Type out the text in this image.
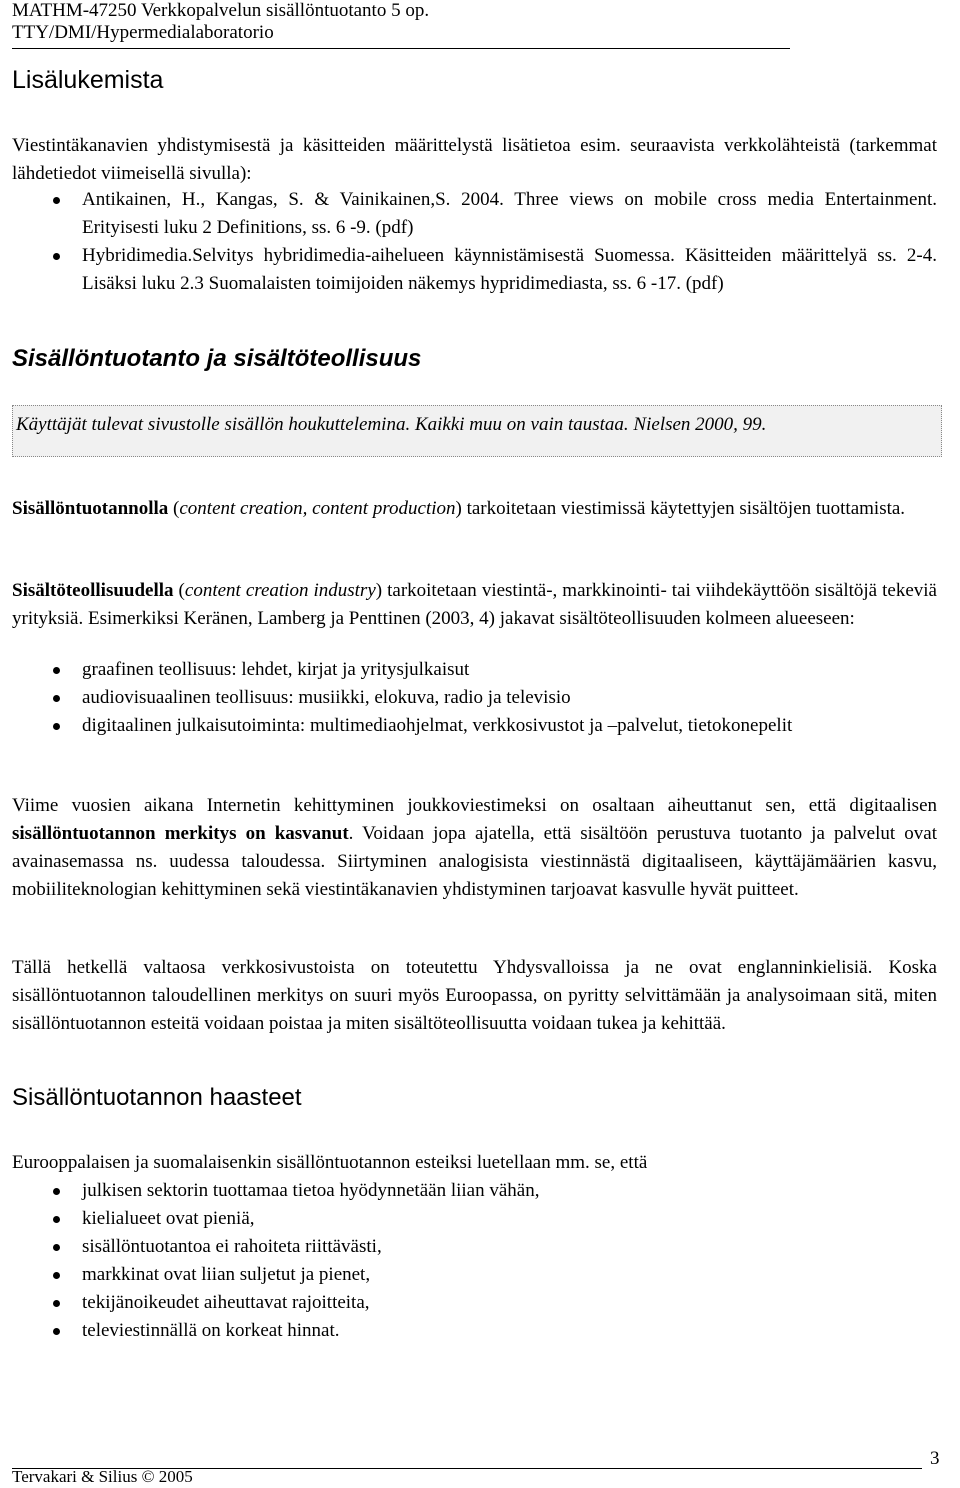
MATHM-47250 Verkkopalvelun sisällöntuotanto 5 op.
TTY/DMI/Hypermedialaboratorio
Lisälukemista

Viestintäkanavien yhdistymisestä ja käsitteiden määrittelystä lisätietoa esim. seuraavista verkkolähteistä (tarkemmat lähdetiedot viimeisellä sivulla):

Antikainen, H., Kangas, S. & Vainikainen,S. 2004. Three views on mobile cross media Entertainment. Erityisesti luku 2 Definitions, ss. 6 -9. (pdf)
Hybridimedia.Selvitys hybridimedia-aihelueen käynnistämisestä Suomessa. Käsitteiden määrittelyä ss. 2-4. Lisäksi luku 2.3 Suomalaisten toimijoiden näkemys hypridimediasta, ss. 6 -17. (pdf)
Sisällöntuotanto ja sisältöteollisuus
Käyttäjät tulevat sivustolle sisällön houkuttelemina. Kaikki muu on vain taustaa. Nielsen 2000, 99.

Sisällöntuotannolla (content creation, content production) tarkoitetaan viestimissä käytettyjen sisältöjen tuottamista.

Sisältöteollisuudella (content creation industry) tarkoitetaan viestintä-, markkinointi- tai viihdekäyttöön sisältöjä tekeviä yrityksiä. Esimerkiksi Keränen, Lamberg ja Penttinen (2003, 4) jakavat sisältöteollisuuden kolmeen alueeseen:

graafinen teollisuus: lehdet, kirjat ja yritysjulkaisut
audiovisuaalinen teollisuus: musiikki, elokuva, radio ja televisio
digitaalinen julkaisutoiminta: multimediaohjelmat, verkkosivustot ja –palvelut, tietokonepelit

Viime vuosien aikana Internetin kehittyminen joukkoviestimeksi on osaltaan aiheuttanut sen, että digitaalisen sisällöntuotannon merkitys on kasvanut. Voidaan jopa ajatella, että sisältöön perustuva tuotanto ja palvelut ovat avainasemassa ns. uudessa taloudessa. Siirtyminen analogisista viestinnästä digitaaliseen, käyttäjämäärien kasvu, mobiiliteknologian kehittyminen sekä viestintäkanavien yhdistyminen tarjoavat kasvulle hyvät puitteet.

Tällä hetkellä valtaosa verkkosivustoista on toteutettu Yhdysvalloissa ja ne ovat englanninkielisiä. Koska sisällöntuotannon taloudellinen merkitys on suuri myös Euroopassa, on pyritty selvittämään ja analysoimaan sitä, miten sisällöntuotannon esteitä voidaan poistaa ja miten sisältöteollisuutta voidaan tukea ja kehittää.

Sisällöntuotannon haasteet

Eurooppalaisen ja suomalaisenkin sisällöntuotannon esteiksi luetellaan mm. se, että

julkisen sektorin tuottamaa tietoa hyödynnetään liian vähän,
kielialueet ovat pieniä,
sisällöntuotantoa ei rahoiteta riittävästi,
markkinat ovat liian suljetut ja pienet,
tekijänoikeudet aiheuttavat rajoitteita,
televiestinnällä on korkeat hinnat.
3
Tervakari & Silius © 2005
